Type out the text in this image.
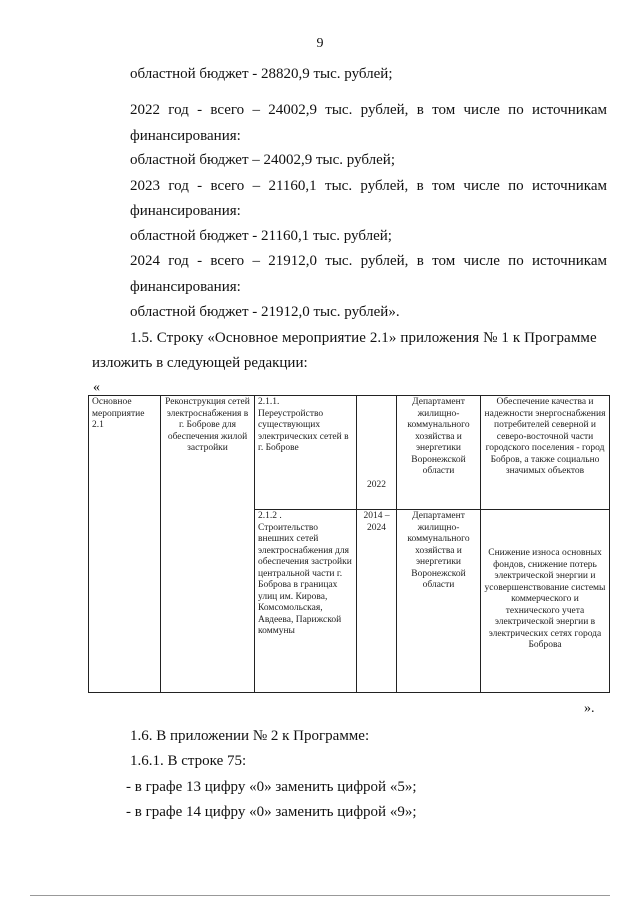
9
областной бюджет - 28820,9 тыс. рублей;
2022 год - всего – 24002,9 тыс. рублей, в том числе по источникам
финансирования:
областной бюджет – 24002,9 тыс. рублей;
2023 год - всего – 21160,1 тыс. рублей, в том числе по источникам
финансирования:
областной бюджет - 21160,1 тыс. рублей;
2024 год - всего – 21912,0 тыс. рублей, в том числе по источникам
финансирования:
областной бюджет - 21912,0 тыс. рублей».
1.5. Строку «Основное мероприятие 2.1» приложения № 1 к Программе
изложить в следующей редакции:
«
Основное мероприятие 2.1	Реконструкция сетей электроснабжения в г. Боброве для обеспечения жилой застройки	2.1.1.
Переустройство существующих электрических сетей в г. Боброве	2022	Департамент жилищно-коммунального хозяйства и энергетики Воронежской области	Обеспечение качества и надежности энергоснабжения потребителей северной и северо-восточной части городского поселения - город Бобров, а также социально значимых объектов
		2.1.2 .
Строительство внешних сетей электроснабжения для обеспечения застройки центральной части г. Боброва в границах улиц им. Кирова, Комсомольская, Авдеева, Парижской коммуны	2014 – 2024	Департамент жилищно-коммунального хозяйства и энергетики Воронежской области	Снижение износа основных фондов, снижение потерь электрической энергии и усовершенствование системы коммерческого и технического учета электрической энергии в электрических сетях города Боброва
».
1.6. В приложении № 2 к Программе:
1.6.1. В строке 75:
- в графе 13 цифру «0» заменить цифрой «5»;
- в графе 14 цифру «0» заменить цифрой «9»;
